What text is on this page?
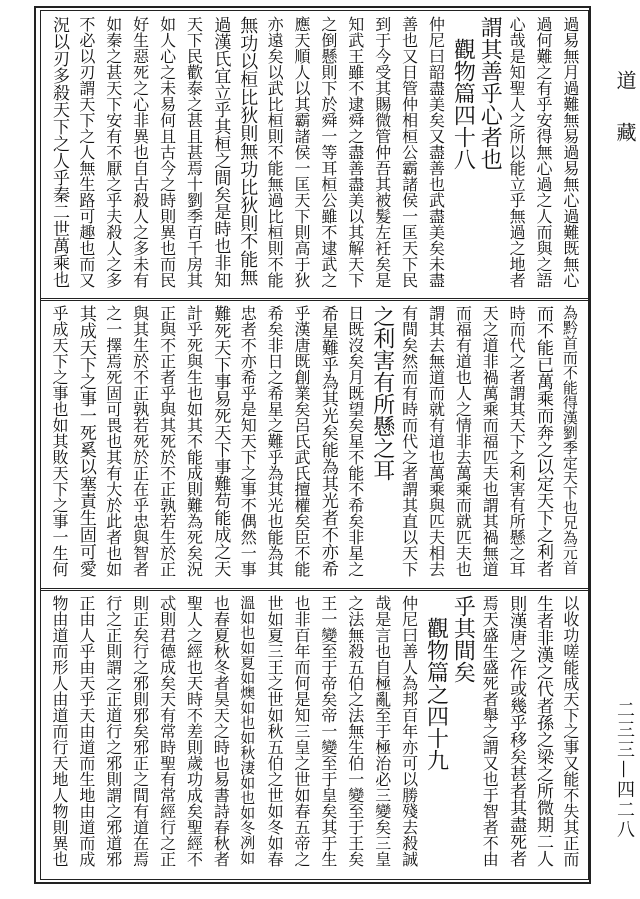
道　藏
二三三—四二八
過易無月過難無易過易無心過難既無心
過何難之有乎安得無心過之人而與之語
心哉是知聖人之所以能立乎無過之地者
謂其善乎心者也
　觀物篇四十八
仲尼曰韶盡美矣又盡善也武盡美矣未盡
善也又日管仲相桓公霸諸侯一匡天下民
到于今受其賜微管仲吾其被髮左衽矣是
知武王雖不逮舜之盡善盡美以其解天下
之倒懸則下於舜一等耳桓公雖不逮武之
應天順人以其霸諸侯一匡天下則高于狄
亦遠矣以武比桓則不能無過比桓則不能
無功以桓比狄則無功比狄則不能無
過漢氏宜立乎其桓之間矣是時也非知
天下民歡泰之甚且甚焉十劉季百千房其
如人心之未易何且古今之時則異也而民
好生惡死之心非異也自古殺人之多未有
如秦之甚天下安有不厭之乎夫殺人之多
不必以刃謂天下之人無生路可趣也而又
況以刃多殺天下之人乎秦二世萬乘也
為黔首而不能得漢劉季定天下也兄為元首
而不能已萬乘而奔之以定天下之利者
時而代之者謂其天下之利害有所懸之耳
天之道非禍萬乘而福匹夫也謂其禍無道
而福有道也人之情非去萬乘而就匹夫也
謂其去無道而就有道也萬乘與匹夫相去
有間矣然而有時而代之者謂其直以天下
之利害有所懸之耳
日既沒矣月既望矣星不能不希矣非星之
希星難乎為其光矣能為其光者不亦希
乎漢唐既創業矣呂氏武氏擅權矣臣不能
希矣非日之希星之難乎為其光也能為其
忠者不亦希乎是知天下之事不偶然一事
難死天下事易死天下事難苟能成之天
計乎死與生也如其不能成則難為死矣況
正與不正者乎與其死於不正孰若生於正
與其生於不正孰若死於正在乎忠與智者
之一擇焉死固可畏也其有大於此者也如
其成天下之事一死奚以塞責生固可愛
乎成天下之事也如其敗天下之事一生何
以收功嗟能成天下之事又能不失其正而
生者非漢之代者孫之梁之所微期二人
則漢唐之作或幾乎移矣甚者其盡死者
焉天盛生盛死者舉之謂又也于智者不由
乎其間矣
　觀物篇之四十九
仲尼曰善人為邦百年亦可以勝殘去殺誠
哉是言也自極亂至于極治必三變矣三皇
之法無殺五伯之法無生伯一變至于王矣
王一變至于帝矣帝一變至于皇矣其于生
也非百年而何是知三皇之世如春五帝之
世如夏三王之世如秋五伯之世如冬如春
溫如也如夏如燠如也如秋淒如也如冬冽如
也春夏秋冬者昊天之時也易書詩春秋者
聖人之經也天時不差則歲功成矣聖經不
忒則君德成矣天有常時聖有常經行之正
則正矣行之邪則邪矣邪正之間有道在焉
行之正則謂之正道行之邪則謂之邪道邪
正由人乎由天乎天由道而生地由道而成
物由道而形人由道而行天地人物則異也
